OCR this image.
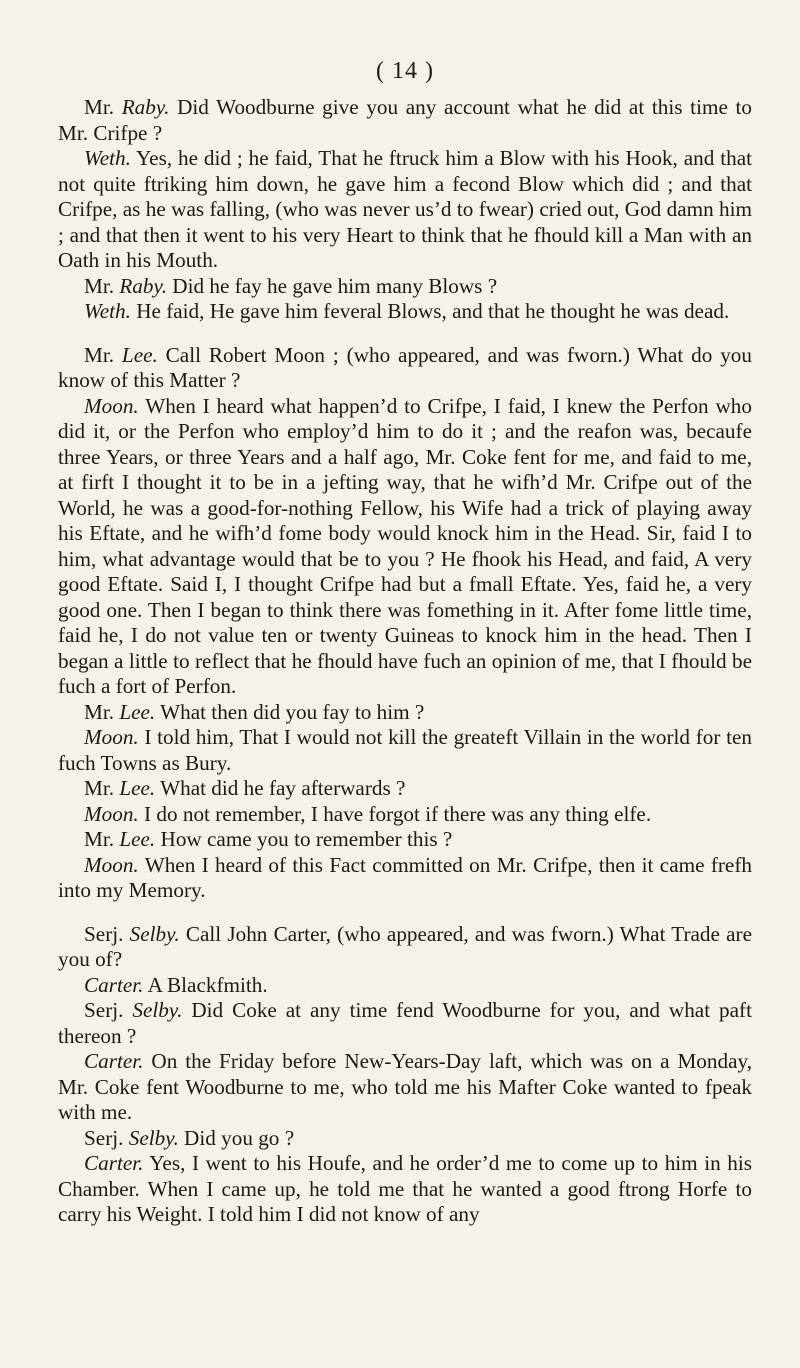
( 14 )

Mr. Raby. Did Woodburne give you any account what he did at this time to Mr. Crifpe ?

Weth. Yes, he did ; he faid, That he ftruck him a Blow with his Hook, and that not quite ftriking him down, he gave him a fecond Blow which did ; and that Crifpe, as he was falling, (who was never us’d to fwear) cried out, God damn him ; and that then it went to his very Heart to think that he fhould kill a Man with an Oath in his Mouth.

Mr. Raby. Did he fay he gave him many Blows ?

Weth. He faid, He gave him feveral Blows, and that he thought he was dead.

Mr. Lee. Call Robert Moon ; (who appeared, and was fworn.) What do you know of this Matter ?

Moon. When I heard what happen’d to Crifpe, I faid, I knew the Perfon who did it, or the Perfon who employ’d him to do it ; and the reafon was, becaufe three Years, or three Years and a half ago, Mr. Coke fent for me, and faid to me, at firft I thought it to be in a jefting way, that he wifh’d Mr. Crifpe out of the World, he was a good-for-nothing Fellow, his Wife had a trick of playing away his Eftate, and he wifh’d fome body would knock him in the Head. Sir, faid I to him, what advantage would that be to you ? He fhook his Head, and faid, A very good Eftate. Said I, I thought Crifpe had but a fmall Eftate. Yes, faid he, a very good one. Then I began to think there was fomething in it. After fome little time, faid he, I do not value ten or twenty Guineas to knock him in the head. Then I began a little to reflect that he fhould have fuch an opinion of me, that I fhould be fuch a fort of Perfon.

Mr. Lee. What then did you fay to him ?

Moon. I told him, That I would not kill the greateft Villain in the world for ten fuch Towns as Bury.

Mr. Lee. What did he fay afterwards ?

Moon. I do not remember, I have forgot if there was any thing elfe.

Mr. Lee. How came you to remember this ?

Moon. When I heard of this Fact committed on Mr. Crifpe, then it came frefh into my Memory.

Serj. Selby. Call John Carter, (who appeared, and was fworn.) What Trade are you of?

Carter. A Blackfmith.

Serj. Selby. Did Coke at any time fend Woodburne for you, and what paft thereon ?

Carter. On the Friday before New-Years-Day laft, which was on a Monday, Mr. Coke fent Woodburne to me, who told me his Mafter Coke wanted to fpeak with me.

Serj. Selby. Did you go ?

Carter. Yes, I went to his Houfe, and he order’d me to come up to him in his Chamber. When I came up, he told me that he wanted a good ftrong Horfe to carry his Weight. I told him I did not know of any
